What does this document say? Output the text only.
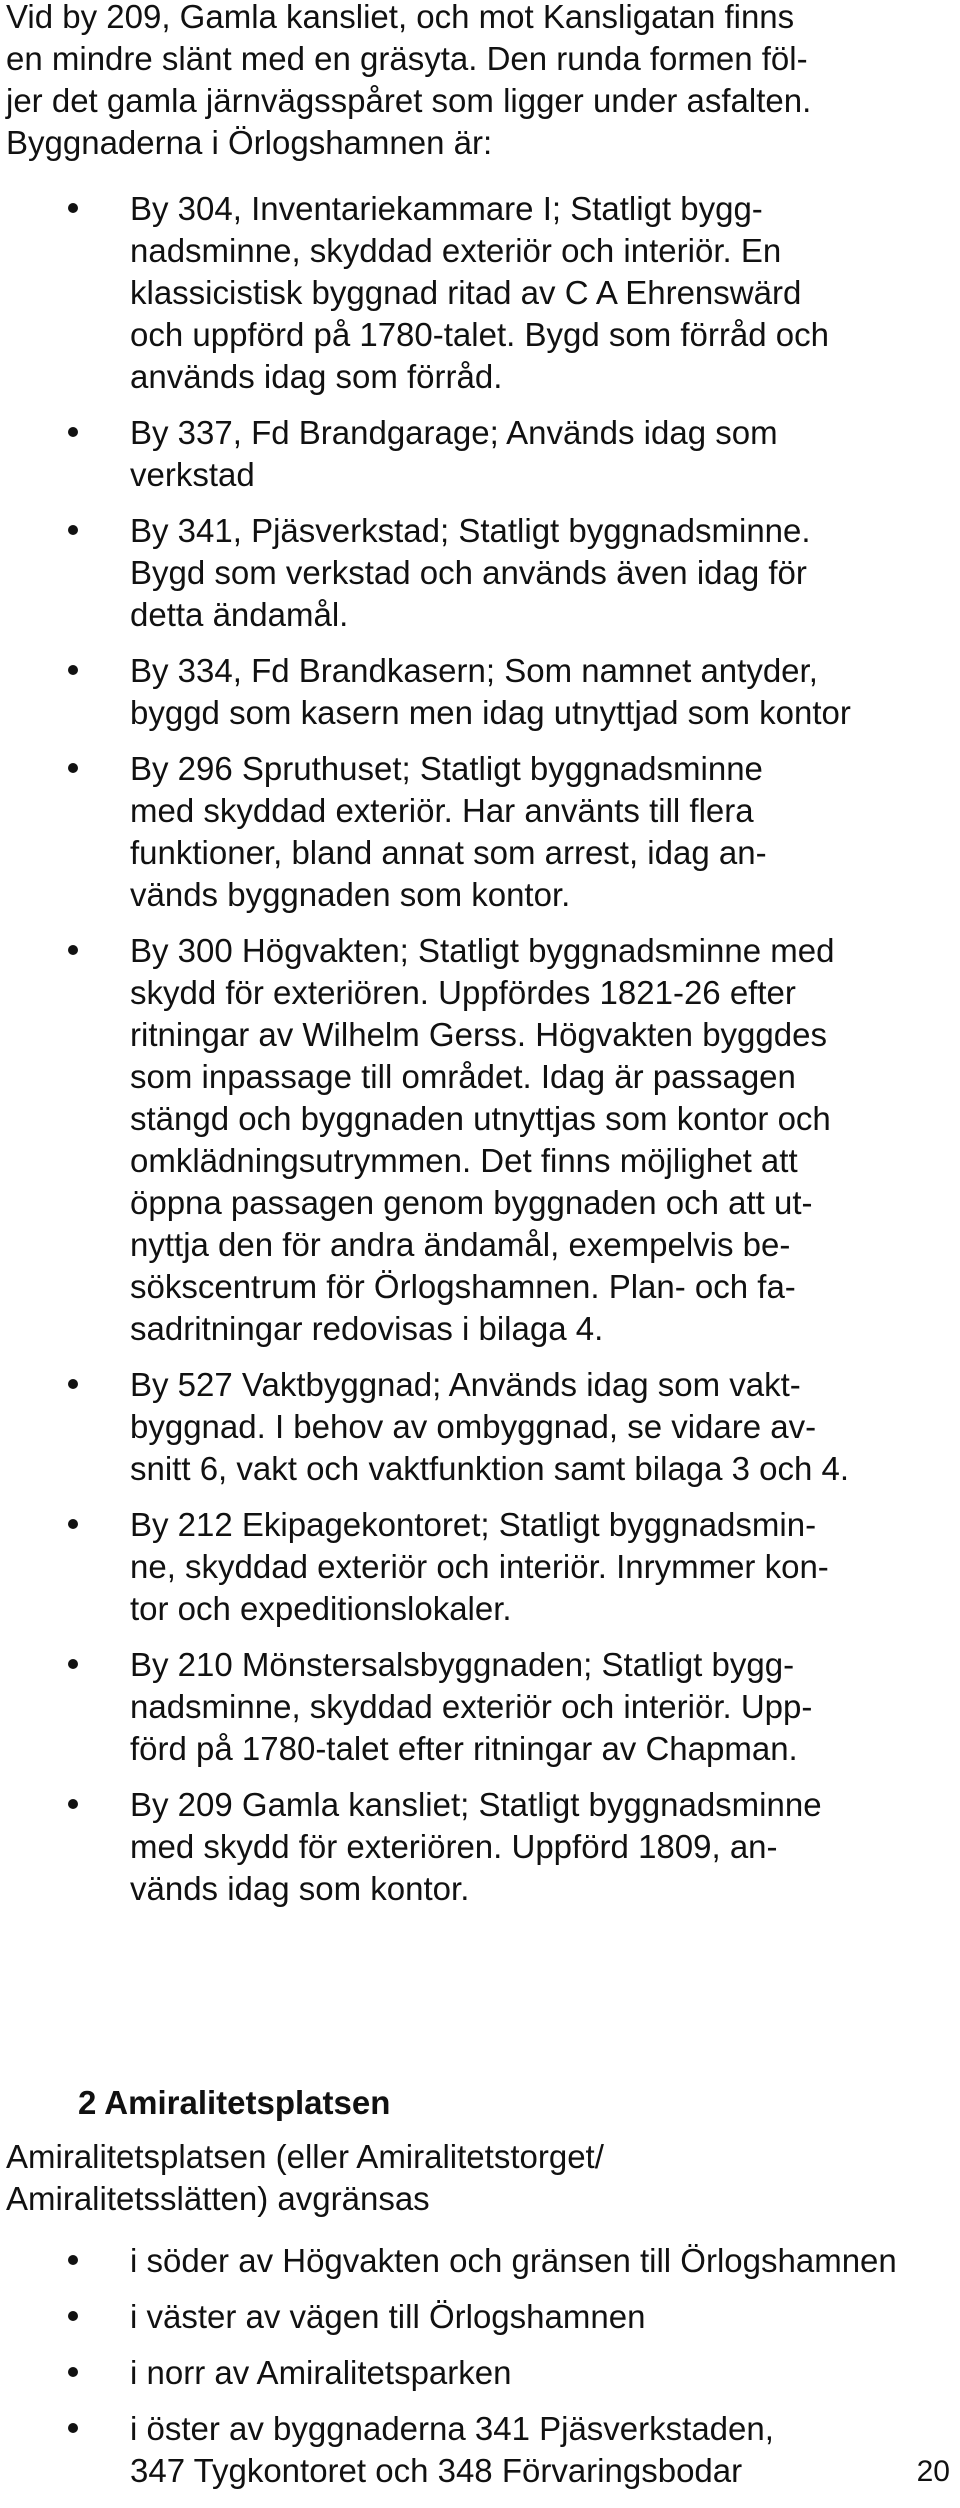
Vid by 209, Gamla kansliet, och mot Kansligatan finns
en mindre slänt med en gräsyta. Den runda formen föl-
jer det gamla järnvägsspåret som ligger under asfalten.
Byggnaderna i Örlogshamnen är:
By 304, Inventariekammare I; Statligt bygg-
nadsminne, skyddad exteriör och interiör. En
klassicistisk byggnad ritad av C A Ehrenswärd
och uppförd på 1780-talet. Bygd som förråd och
används idag som förråd.
By 337, Fd Brandgarage; Används idag som
verkstad
By 341, Pjäsverkstad; Statligt byggnadsminne.
Bygd som verkstad och används även idag för
detta ändamål.
By 334, Fd Brandkasern; Som namnet antyder,
byggd som kasern men idag utnyttjad som kontor
By 296 Spruthuset; Statligt byggnadsminne
med skyddad exteriör. Har använts till flera
funktioner, bland annat som arrest, idag an-
vänds byggnaden som kontor.
By 300 Högvakten; Statligt byggnadsminne med
skydd för exteriören. Uppfördes 1821-26 efter
ritningar av Wilhelm Gerss. Högvakten byggdes
som inpassage till området. Idag är passagen
stängd och byggnaden utnyttjas som kontor och
omklädningsutrymmen. Det finns möjlighet att
öppna passagen genom byggnaden och att ut-
nyttja den för andra ändamål, exempelvis be-
sökscentrum för Örlogshamnen. Plan- och fa-
sadritningar redovisas i bilaga 4.
By 527 Vaktbyggnad; Används idag som vakt-
byggnad. I behov av ombyggnad, se vidare av-
snitt 6, vakt och vaktfunktion samt bilaga 3 och 4.
By 212 Ekipagekontoret; Statligt byggnadsmin-
ne, skyddad exteriör och interiör. Inrymmer kon-
tor och expeditionslokaler.
By 210 Mönstersalsbyggnaden; Statligt bygg-
nadsminne, skyddad exteriör och interiör. Upp-
förd på 1780-talet efter ritningar av Chapman.
By 209 Gamla kansliet; Statligt byggnadsminne
med skydd för exteriören. Uppförd 1809, an-
vänds idag som kontor.
2 Amiralitetsplatsen
Amiralitetsplatsen (eller Amiralitetstorget/
Amiralitetsslätten) avgränsas
i söder av Högvakten och gränsen till Örlogshamnen
i väster av vägen till Örlogshamnen
i norr av Amiralitetsparken
i öster av byggnaderna 341 Pjäsverkstaden,
347 Tygkontoret och 348 Förvaringsbodar	20
